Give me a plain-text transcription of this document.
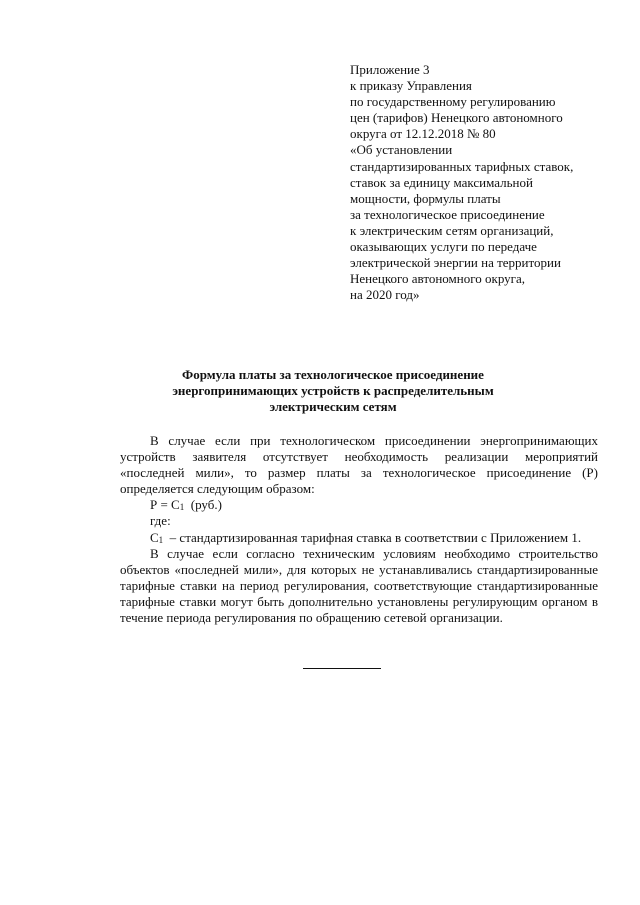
Приложение 3
к приказу Управления
по государственному регулированию
цен (тарифов) Ненецкого автономного
округа от 12.12.2018 № 80
«Об установлении
стандартизированных тарифных ставок,
ставок за единицу максимальной
мощности, формулы платы
за технологическое присоединение
к электрическим сетям организаций,
оказывающих услуги по передаче
электрической энергии на территории
Ненецкого автономного округа,
на 2020 год»
Формула платы за технологическое присоединение
энергопринимающих устройств к распределительным
электрическим сетям

В случае если при технологическом присоединении энергопринимающих устройств заявителя отсутствует необходимость реализации мероприятий «последней мили», то размер платы за технологическое присоединение (Р) определяется следующим образом:

$Р = С_1$  (руб.)

где:

$С_1$  – стандартизированная тарифная ставка в соответствии с Приложением 1.

В случае если согласно техническим условиям необходимо строительство объектов «последней мили», для которых не устанавливались стандартизированные тарифные ставки на период регулирования, соответствующие стандартизированные тарифные ставки могут быть дополнительно установлены регулирующим органом в течение периода регулирования по обращению сетевой организации.
